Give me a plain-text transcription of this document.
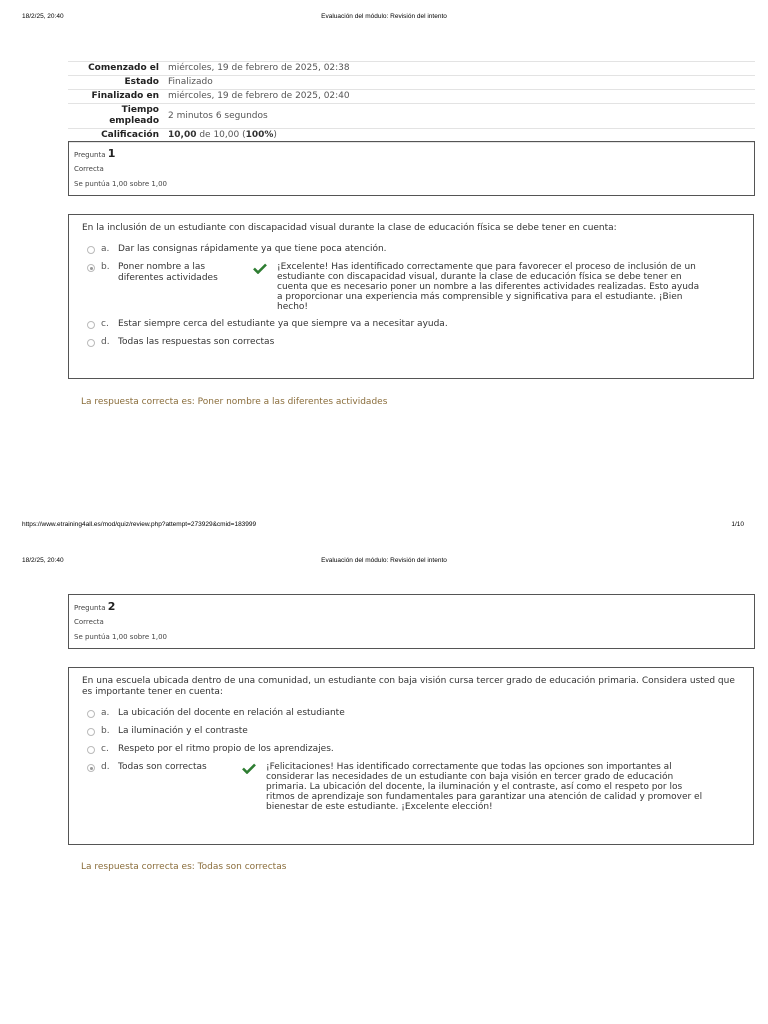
18/2/25, 20:40	Evaluación del módulo: Revisión del intento
Comenzado el	miércoles, 19 de febrero de 2025, 02:38
Estado	Finalizado
Finalizado en	miércoles, 19 de febrero de 2025, 02:40
Tiempo empleado	2 minutos 6 segundos
Calificación	10,00 de 10,00 (100%)
Pregunta 1
Correcta
Se puntúa 1,00 sobre 1,00
En la inclusión de un estudiante con discapacidad visual durante la clase de educación física se debe tener en cuenta:
a. Dar las consignas rápidamente ya que tiene poca atención.
b. Poner nombre a las diferentes actividades
¡Excelente! Has identificado correctamente que para favorecer el proceso de inclusión de un estudiante con discapacidad visual, durante la clase de educación física se debe tener en cuenta que es necesario poner un nombre a las diferentes actividades realizadas. Esto ayuda a proporcionar una experiencia más comprensible y significativa para el estudiante. ¡Bien hecho!
c.	Estar siempre cerca del estudiante ya que siempre va a necesitar ayuda.
d. Todas las respuestas son correctas
La respuesta correcta es: Poner nombre a las diferentes actividades
https://www.etraining4all.es/mod/quiz/review.php?attempt=273929&cmid=183999	1/10
18/2/25, 20:40	Evaluación del módulo: Revisión del intento
Pregunta 2
Correcta
Se puntúa 1,00 sobre 1,00
En una escuela ubicada dentro de una comunidad, un estudiante con baja visión cursa tercer grado de educación primaria. Considera usted que es importante tener en cuenta:
a. La ubicación del docente en relación al estudiante
b. La iluminación y el contraste
c.	Respeto por el ritmo propio de los aprendizajes.
d. Todas son correctas	¡Felicitaciones! Has identificado correctamente que todas las opciones son importantes al considerar las necesidades de un estudiante con baja visión en tercer grado de educación primaria. La ubicación del docente, la iluminación y el contraste, así como el respeto por los ritmos de aprendizaje son fundamentales para garantizar una atención de calidad y promover el bienestar de este estudiante. ¡Excelente elección!
La respuesta correcta es: Todas son correctas
